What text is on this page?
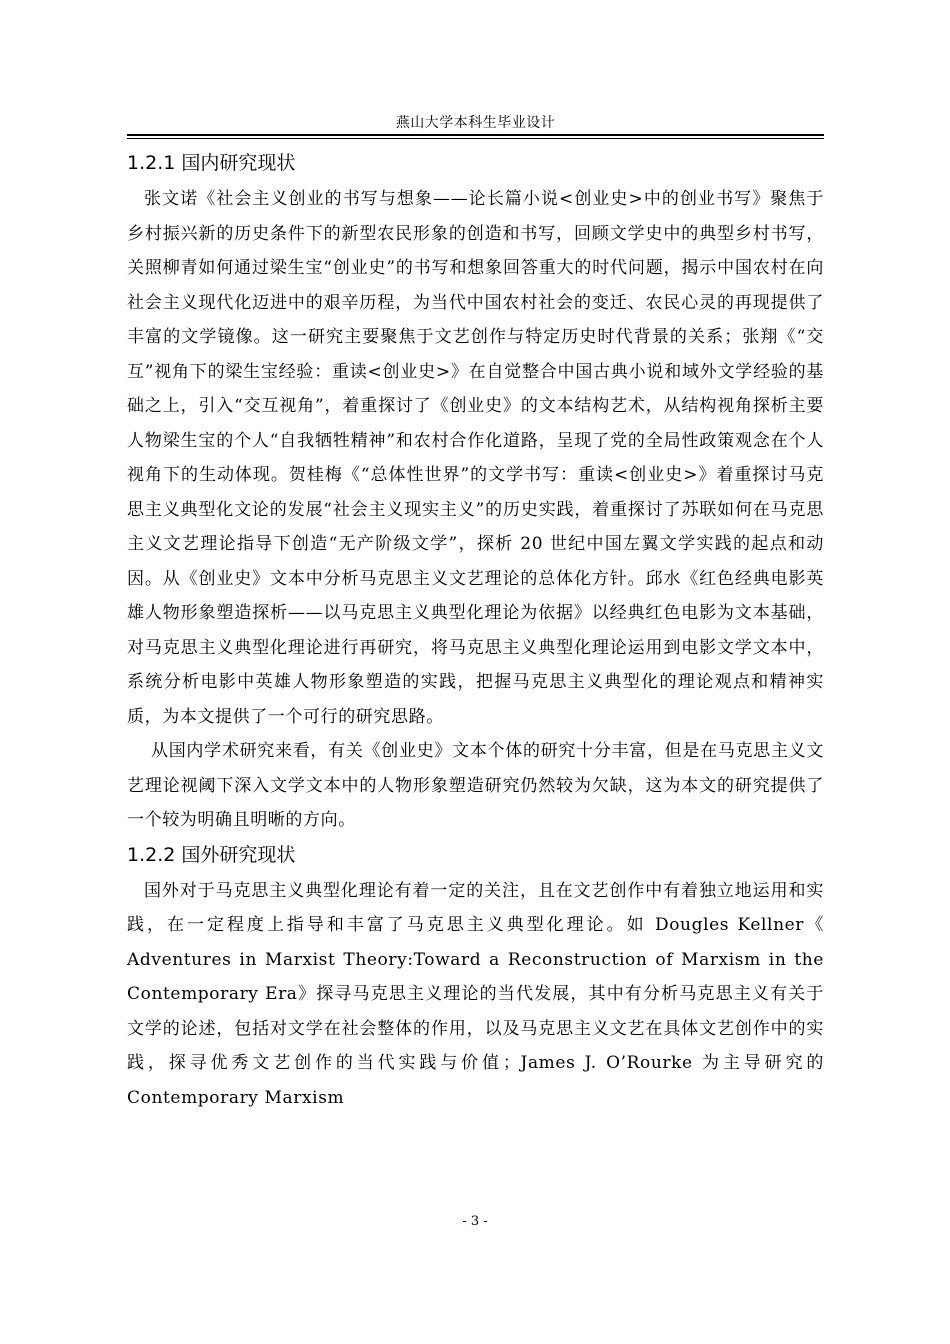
燕山大学本科生毕业设计
1.2.1 国内研究现状

张文诺《社会主义创业的书写与想象——论长篇小说<创业史>中的创业书写》聚焦于乡村振兴新的历史条件下的新型农民形象的创造和书写，回顾文学史中的典型乡村书写，关照柳青如何通过梁生宝“创业史”的书写和想象回答重大的时代问题，揭示中国农村在向社会主义现代化迈进中的艰辛历程，为当代中国农村社会的变迁、农民心灵的再现提供了丰富的文学镜像。这一研究主要聚焦于文艺创作与特定历史时代背景的关系；张翔《“交互”视角下的梁生宝经验：重读<创业史>》在自觉整合中国古典小说和域外文学经验的基础之上，引入“交互视角”，着重探讨了《创业史》的文本结构艺术，从结构视角探析主要人物梁生宝的个人“自我牺牲精神”和农村合作化道路，呈现了党的全局性政策观念在个人视角下的生动体现。贺桂梅《“总体性世界”的文学书写：重读<创业史>》着重探讨马克思主义典型化文论的发展“社会主义现实主义”的历史实践，着重探讨了苏联如何在马克思主义文艺理论指导下创造“无产阶级文学”，探析 20 世纪中国左翼文学实践的起点和动因。从《创业史》文本中分析马克思主义文艺理论的总体化方针。邱水《红色经典电影英雄人物形象塑造探析——以马克思主义典型化理论为依据》以经典红色电影为文本基础，对马克思主义典型化理论进行再研究，将马克思主义典型化理论运用到电影文学文本中，系统分析电影中英雄人物形象塑造的实践，把握马克思主义典型化的理论观点和精神实质，为本文提供了一个可行的研究思路。

从国内学术研究来看，有关《创业史》文本个体的研究十分丰富，但是在马克思主义文艺理论视阈下深入文学文本中的人物形象塑造研究仍然较为欠缺，这为本文的研究提供了一个较为明确且明晰的方向。

1.2.2 国外研究现状

国外对于马克思主义典型化理论有着一定的关注，且在文艺创作中有着独立地运用和实践，在一定程度上指导和丰富了马克思主义典型化理论。如 Dougles Kellner《 Adventures in Marxist Theory:Toward a Reconstruction of Marxism in the Contemporary Era》探寻马克思主义理论的当代发展，其中有分析马克思主义有关于文学的论述，包括对文学在社会整体的作用，以及马克思主义文艺在具体文艺创作中的实践，探寻优秀文艺创作的当代实践与价值；James J. O’Rourke 为主导研究的 Contemporary Marxism

- 3 -
